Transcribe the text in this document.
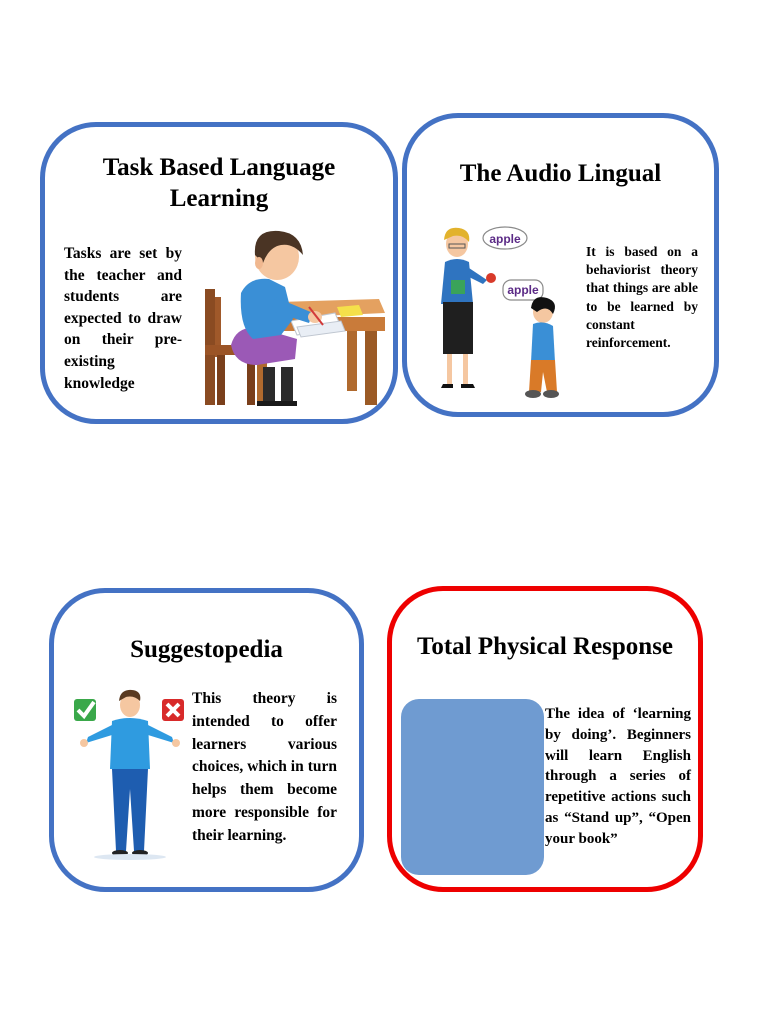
Task Based Language
Learning
Tasks are set by the teacher and students are expected to draw on their pre-existing knowledge
The Audio Lingual
It is based on a behaviorist theory that things are able to be learned by constant reinforcement.
apple
apple
Suggestopedia
This theory is intended to offer learners various choices, which in turn helps them become more responsible for their learning.
Total Physical Response
The idea of ‘learning by doing’. Beginners will learn English through a series of repetitive actions such as “Stand up”, “Open your book”
